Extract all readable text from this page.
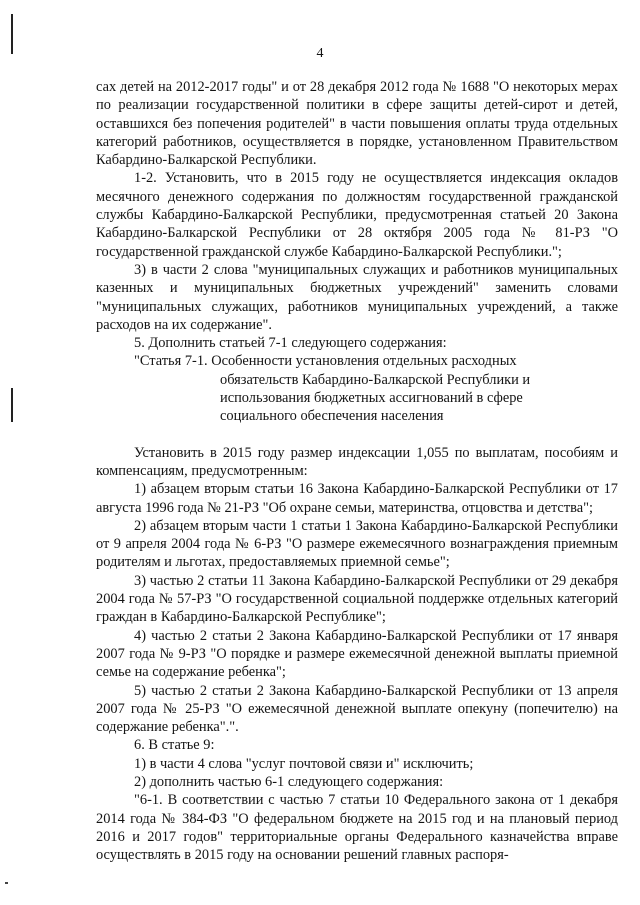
4

сах детей на 2012-2017 годы" и от 28 декабря 2012 года № 1688 "О некоторых мерах по реализации государственной политики в сфере защиты детей-сирот и детей, оставшихся без попечения родителей" в части повышения оплаты труда отдельных категорий работников, осуществляется в порядке, установленном Правительством Кабардино-Балкарской Республики.

1-2. Установить, что в 2015 году не осуществляется индексация окладов месячного денежного содержания по должностям государственной гражданской службы Кабардино-Балкарской Республики, предусмотренная статьей 20 Закона Кабардино-Балкарской Республики от 28 октября 2005 года № 81-РЗ "О государственной гражданской службе Кабардино-Балкарской Республики.";

3) в части 2 слова "муниципальных служащих и работников муниципальных казенных и муниципальных бюджетных учреждений" заменить словами "муниципальных служащих, работников муниципальных учреждений, а также расходов на их содержание".

5. Дополнить статьей 7-1 следующего содержания:

"Статья 7-1. Особенности установления отдельных расходных

обязательств Кабардино-Балкарской Республики и

использования бюджетных ассигнований в сфере

социального обеспечения населения

Установить в 2015 году размер индексации 1,055 по выплатам, пособиям и компенсациям, предусмотренным:

1) абзацем вторым статьи 16 Закона Кабардино-Балкарской Республики от 17 августа 1996 года № 21-РЗ "Об охране семьи, материнства, отцовства и детства";

2) абзацем вторым части 1 статьи 1 Закона Кабардино-Балкарской Республики от 9 апреля 2004 года № 6-РЗ "О размере ежемесячного вознаграждения приемным родителям и льготах, предоставляемых приемной семье";

3) частью 2 статьи 11 Закона Кабардино-Балкарской Республики от 29 декабря 2004 года № 57-РЗ "О государственной социальной поддержке отдельных категорий граждан в Кабардино-Балкарской Республике";

4) частью 2 статьи 2 Закона Кабардино-Балкарской Республики от 17 января 2007 года № 9-РЗ "О порядке и размере ежемесячной денежной выплаты приемной семье на содержание ребенка";

5) частью 2 статьи 2 Закона Кабардино-Балкарской Республики от 13 апреля 2007 года № 25-РЗ "О ежемесячной денежной выплате опекуну (попечителю) на содержание ребенка".".

6. В статье 9:

1) в части 4 слова "услуг почтовой связи и" исключить;

2) дополнить частью 6-1 следующего содержания:

"6-1. В соответствии с частью 7 статьи 10 Федерального закона от 1 декабря 2014 года № 384-ФЗ "О федеральном бюджете на 2015 год и на плановый период 2016 и 2017 годов" территориальные органы Федерального казначейства вправе осуществлять в 2015 году на основании решений главных распоря-
